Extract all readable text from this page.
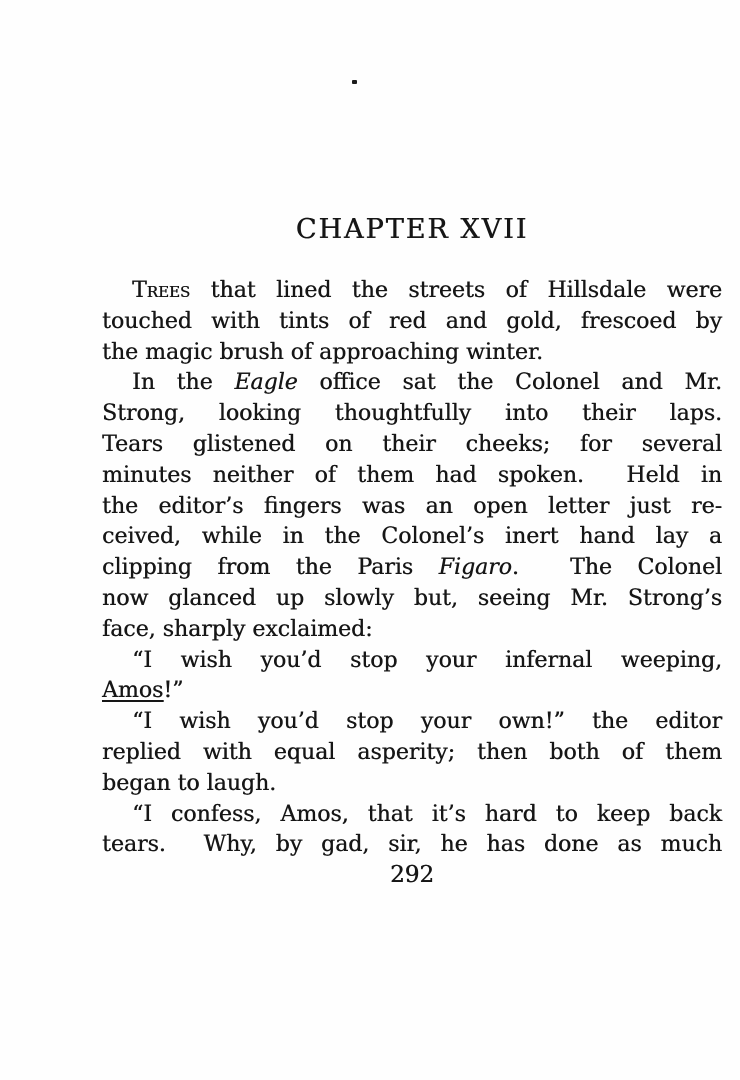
CHAPTER XVII
Trees that lined the streets of Hillsdale were
touched with tints of red and gold, frescoed by
the magic brush of approaching winter.
In the Eagle office sat the Colonel and Mr.
Strong, looking thoughtfully into their laps.
Tears glistened on their cheeks; for several
minutes neither of them had spoken.  Held in
the editor’s fingers was an open letter just re-
ceived, while in the Colonel’s inert hand lay a
clipping from the Paris Figaro.  The Colonel
now glanced up slowly but, seeing Mr. Strong’s
face, sharply exclaimed:
“I wish you’d stop your infernal weeping,
Amos!”
“I wish you’d stop your own!” the editor
replied with equal asperity; then both of them
began to laugh.
“I confess, Amos, that it’s hard to keep back
tears.  Why, by gad, sir, he has done as much
292
